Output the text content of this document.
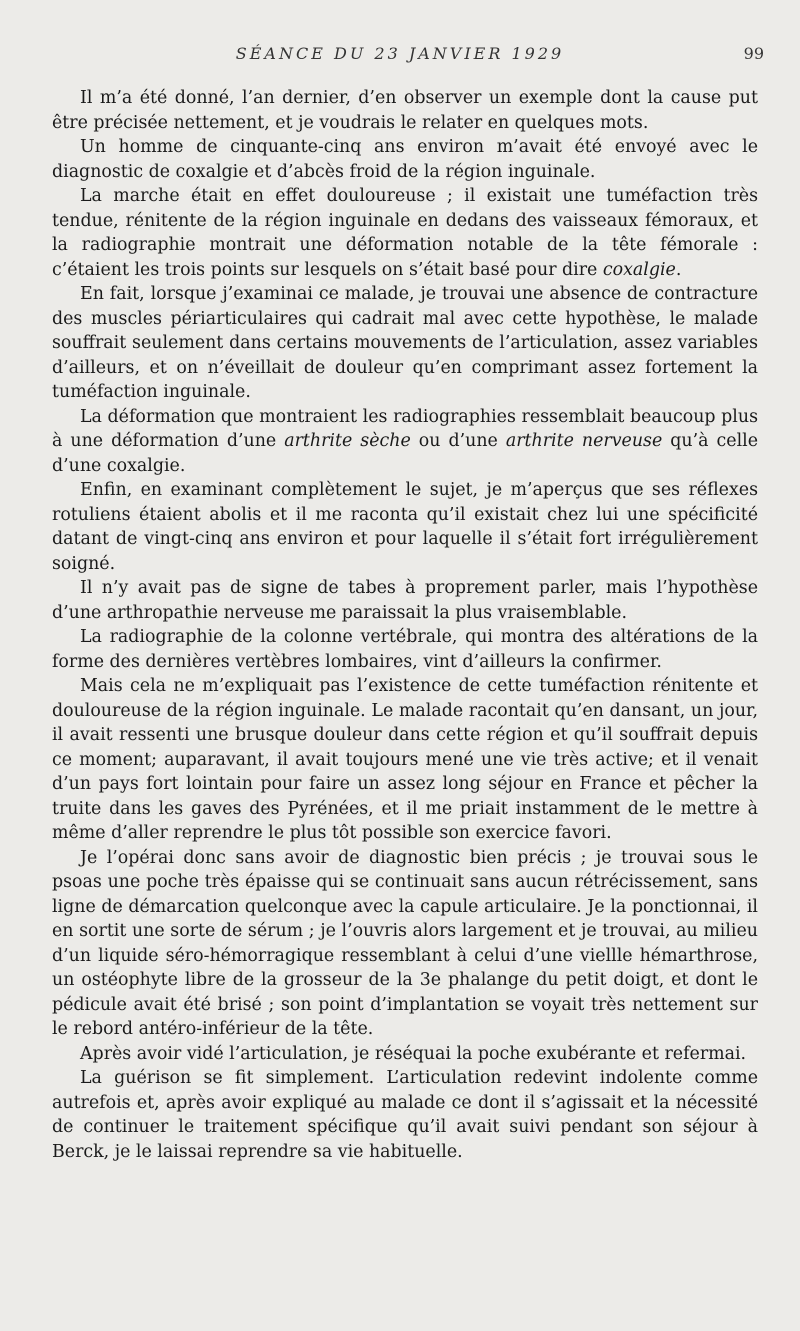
SÉANCE DU 23 JANVIER 1929	99

Il m’a été donné, l’an dernier, d’en observer un exemple dont la cause put être précisée nettement, et je voudrais le relater en quelques mots.

Un homme de cinquante-cinq ans environ m’avait été envoyé avec le diagnostic de coxalgie et d’abcès froid de la région inguinale.

La marche était en effet douloureuse ; il existait une tuméfaction très tendue, rénitente de la région inguinale en dedans des vaisseaux fémoraux, et la radiographie montrait une déformation notable de la tête fémorale : c’étaient les trois points sur lesquels on s’était basé pour dire coxalgie.

En fait, lorsque j’examinai ce malade, je trouvai une absence de contracture des muscles périarticulaires qui cadrait mal avec cette hypothèse, le malade souffrait seulement dans certains mouvements de l’articulation, assez variables d’ailleurs, et on n’éveillait de douleur qu’en comprimant assez fortement la tuméfaction inguinale.

La déformation que montraient les radiographies ressemblait beaucoup plus à une déformation d’une arthrite sèche ou d’une arthrite nerveuse qu’à celle d’une coxalgie.

Enfin, en examinant complètement le sujet, je m’aperçus que ses réflexes rotuliens étaient abolis et il me raconta qu’il existait chez lui une spécificité datant de vingt-cinq ans environ et pour laquelle il s’était fort irrégulièrement soigné.

Il n’y avait pas de signe de tabes à proprement parler, mais l’hypothèse d’une arthropathie nerveuse me paraissait la plus vraisemblable.

La radiographie de la colonne vertébrale, qui montra des altérations de la forme des dernières vertèbres lombaires, vint d’ailleurs la confirmer.

Mais cela ne m’expliquait pas l’existence de cette tuméfaction rénitente et douloureuse de la région inguinale. Le malade racontait qu’en dansant, un jour, il avait ressenti une brusque douleur dans cette région et qu’il souffrait depuis ce moment; auparavant, il avait toujours mené une vie très active; et il venait d’un pays fort lointain pour faire un assez long séjour en France et pêcher la truite dans les gaves des Pyrénées, et il me priait instamment de le mettre à même d’aller reprendre le plus tôt possible son exercice favori.

Je l’opérai donc sans avoir de diagnostic bien précis ; je trouvai sous le psoas une poche très épaisse qui se continuait sans aucun rétrécissement, sans ligne de démarcation quelconque avec la capule articulaire. Je la ponctionnai, il en sortit une sorte de sérum ; je l’ouvris alors largement et je trouvai, au milieu d’un liquide séro-hémorragique ressemblant à celui d’une viellle hémarthrose, un ostéophyte libre de la grosseur de la 3e phalange du petit doigt, et dont le pédicule avait été brisé ; son point d’implantation se voyait très nettement sur le rebord antéro-inférieur de la tête.

Après avoir vidé l’articulation, je réséquai la poche exubérante et refermai.

La guérison se fit simplement. L’articulation redevint indolente comme autrefois et, après avoir expliqué au malade ce dont il s’agissait et la nécessité de continuer le traitement spécifique qu’il avait suivi pendant son séjour à Berck, je le laissai reprendre sa vie habituelle.
